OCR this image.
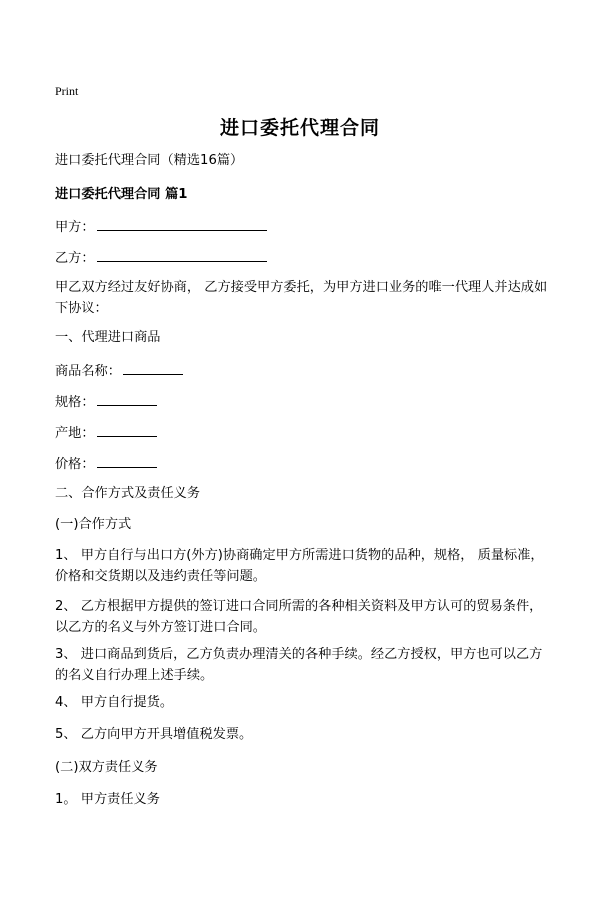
Print
进口委托代理合同
进口委托代理合同（精选16篇）
进口委托代理合同 篇1
甲方：
乙方：
甲乙双方经过友好协商， 乙方接受甲方委托，为甲方进口业务的唯一代理人并达成如下协议：
一、代理进口商品
商品名称：
规格：
产地：
价格：
二、合作方式及责任义务
(一)合作方式
1、 甲方自行与出口方(外方)协商确定甲方所需进口货物的品种，规格， 质量标准，价格和交货期以及违约责任等问题。
2、 乙方根据甲方提供的签订进口合同所需的各种相关资料及甲方认可的贸易条件，以乙方的名义与外方签订进口合同。
3、 进口商品到货后，乙方负责办理清关的各种手续。经乙方授权，甲方也可以乙方的名义自行办理上述手续。
4、 甲方自行提货。
5、 乙方向甲方开具增值税发票。
(二)双方责任义务
1。 甲方责任义务
